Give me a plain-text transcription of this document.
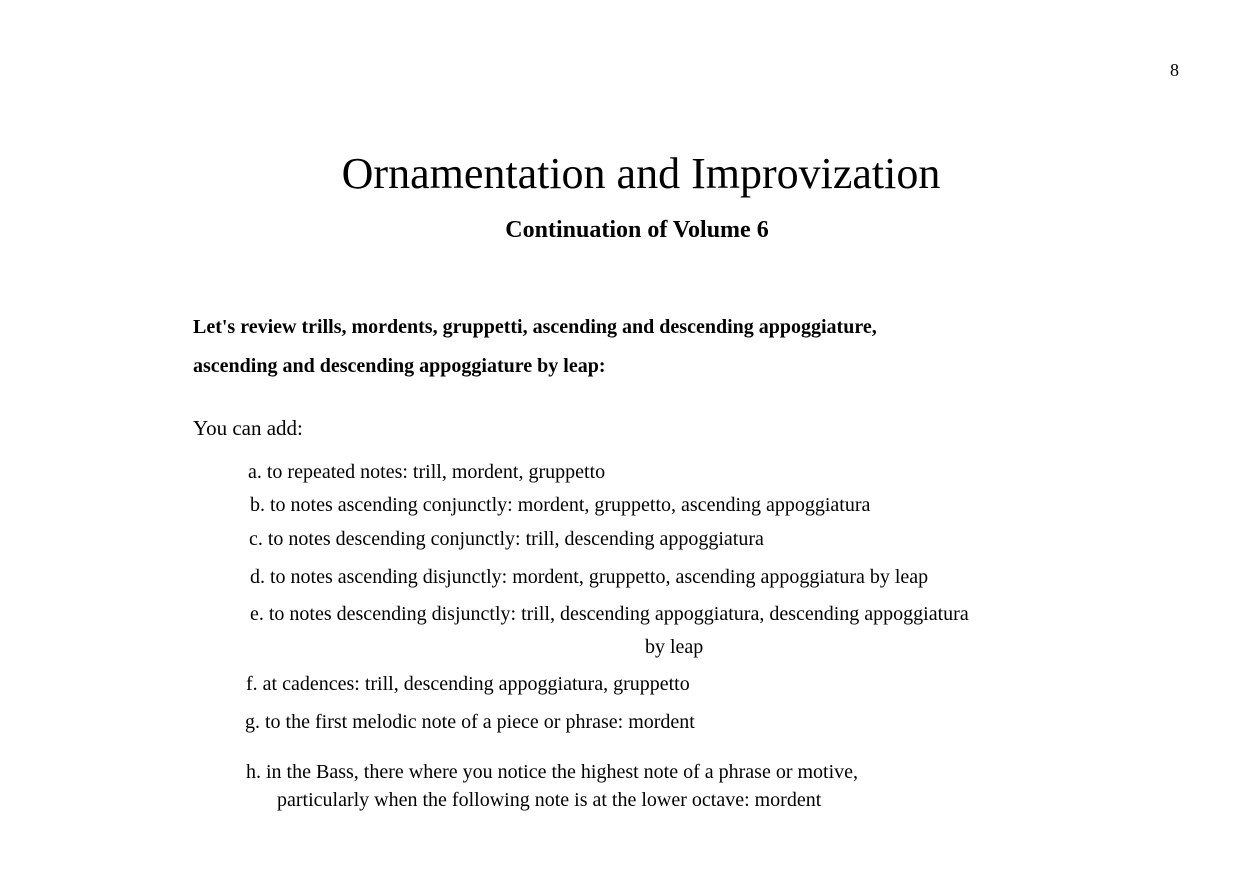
8
Ornamentation and Improvization
Continuation of Volume 6

Let's review trills, mordents, gruppetti, ascending and descending appoggiature,

ascending and descending appoggiature by leap:

You can add:

a. to repeated notes: trill, mordent, gruppetto

b. to notes ascending conjunctly: mordent, gruppetto, ascending appoggiatura

c. to notes descending conjunctly: trill, descending appoggiatura

d. to notes ascending disjunctly: mordent, gruppetto, ascending appoggiatura by leap

e. to notes descending disjunctly: trill, descending appoggiatura, descending appoggiatura

by leap

f. at cadences: trill, descending appoggiatura, gruppetto

g. to the first melodic note of a piece or phrase: mordent

h. in the Bass, there where you notice the highest note of a phrase or motive,

particularly when the following note is at the lower octave: mordent
